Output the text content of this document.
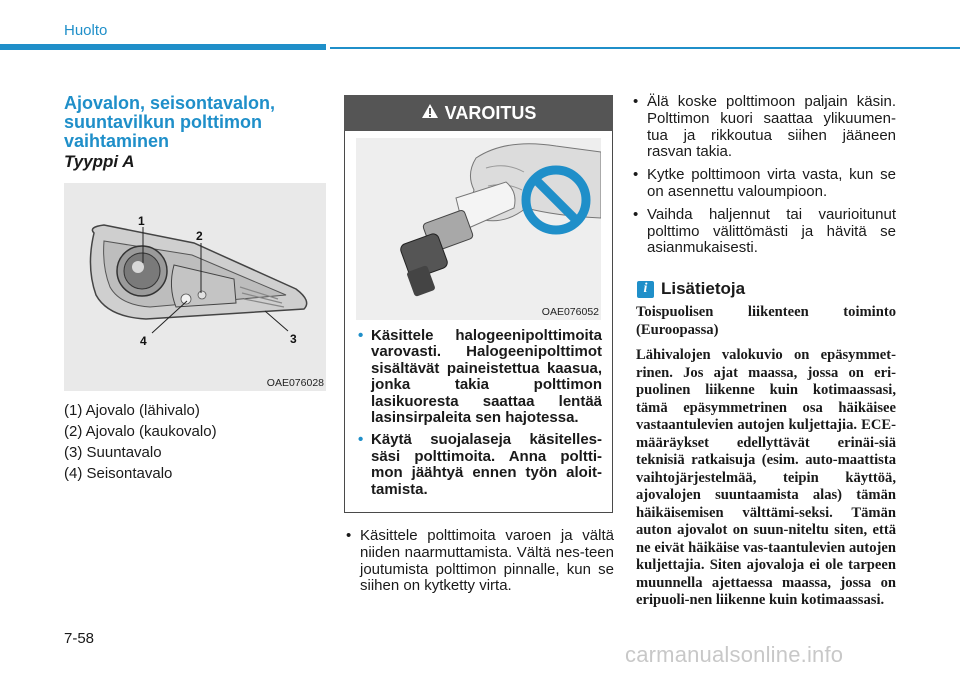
Huolto
Ajovalon, seisontavalon, suuntavilkun polttimon vaihtaminen
Tyyppi A
1
2
3
4
OAE076028
(1) Ajovalo (lähivalo)
(2) Ajovalo (kaukovalo)
(3) Suuntavalo
(4) Seisontavalo
VAROITUS
OAE076052
• Käsittele halogeenipolttimoita varovasti. Halogeenipolttimot sisältävät paineistettua kaasua, jonka takia polttimon lasikuoresta saattaa lentää lasinsirpaleita sen hajotessa.
• Käytä suojalaseja käsitelles-säsi polttimoita. Anna poltti-mon jäähtyä ennen työn aloit-tamista.
• Käsittele polttimoita varoen ja vältä niiden naarmuttamista. Vältä nes-teen joutumista polttimon pinnalle, kun se siihen on kytketty virta.
• Älä koske polttimoon paljain käsin. Polttimon kuori saattaa ylikuumen-tua ja rikkoutua siihen jääneen rasvan takia.
• Kytke polttimoon virta vasta, kun se on asennettu valoumpioon.
• Vaihda haljennut tai vaurioitunut polttimo välittömästi ja hävitä se asianmukaisesti.
i Lisätietoja

Toispuolisen liikenteen toiminto (Euroopassa)

Lähivalojen valokuvio on epäsymmet-rinen. Jos ajat maassa, jossa on eri-puolinen liikenne kuin kotimaassasi, tämä epäsymmetrinen osa häikäisee vastaantulevien autojen kuljettajia. ECE-määräykset edellyttävät erinäi-siä teknisiä ratkaisuja (esim. auto-maattista vaihtojärjestelmää, teipin käyttöä, ajovalojen suuntaamista alas) tämän häikäisemisen välttämi-seksi. Tämän auton ajovalot on suun-niteltu siten, että ne eivät häikäise vas-taantulevien autojen kuljettajia. Siten ajovaloja ei ole tarpeen muunnella ajettaessa maassa, jossa on eripuoli-nen liikenne kuin kotimaassasi.

7-58
carmanualsonline.info
